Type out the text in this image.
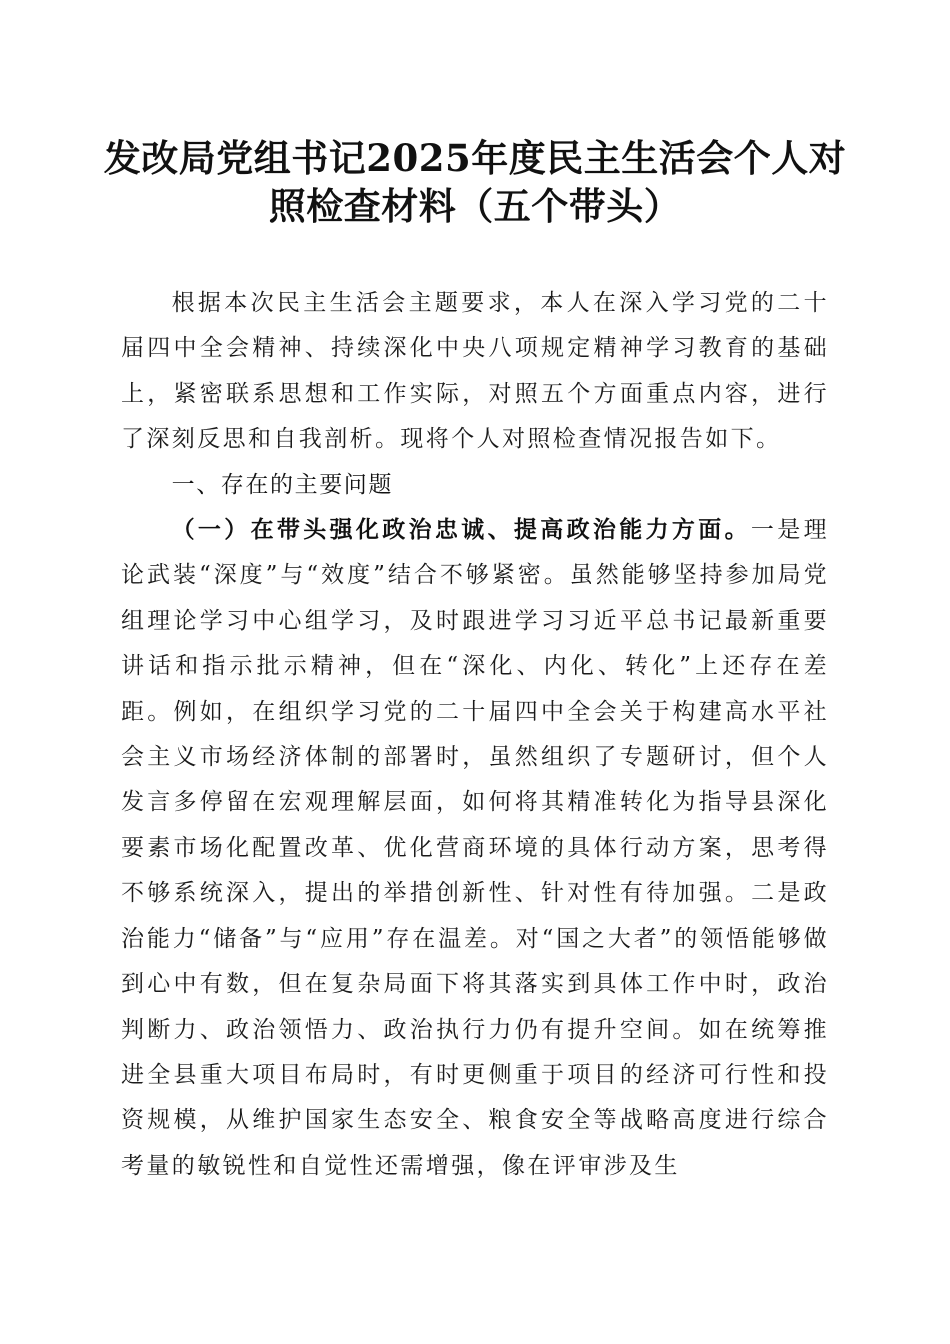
发改局党组书记2025年度民主生活会个人对
照检查材料（五个带头）

根据本次民主生活会主题要求，本人在深入学习党的二十届四中全会精神、持续深化中央八项规定精神学习教育的基础上，紧密联系思想和工作实际，对照五个方面重点内容，进行了深刻反思和自我剖析。现将个人对照检查情况报告如下。

一、存在的主要问题

（一）在带头强化政治忠诚、提高政治能力方面。一是理论武装“深度”与“效度”结合不够紧密。虽然能够坚持参加局党组理论学习中心组学习，及时跟进学习习近平总书记最新重要讲话和指示批示精神，但在“深化、内化、转化”上还存在差距。例如，在组织学习党的二十届四中全会关于构建高水平社会主义市场经济体制的部署时，虽然组织了专题研讨，但个人发言多停留在宏观理解层面，如何将其精准转化为指导县深化要素市场化配置改革、优化营商环境的具体行动方案，思考得不够系统深入，提出的举措创新性、针对性有待加强。二是政治能力“储备”与“应用”存在温差。对“国之大者”的领悟能够做到心中有数，但在复杂局面下将其落实到具体工作中时，政治判断力、政治领悟力、政治执行力仍有提升空间。如在统筹推进全县重大项目布局时，有时更侧重于项目的经济可行性和投资规模，从维护国家生态安全、粮食安全等战略高度进行综合考量的敏锐性和自觉性还需增强，像在评审涉及生
